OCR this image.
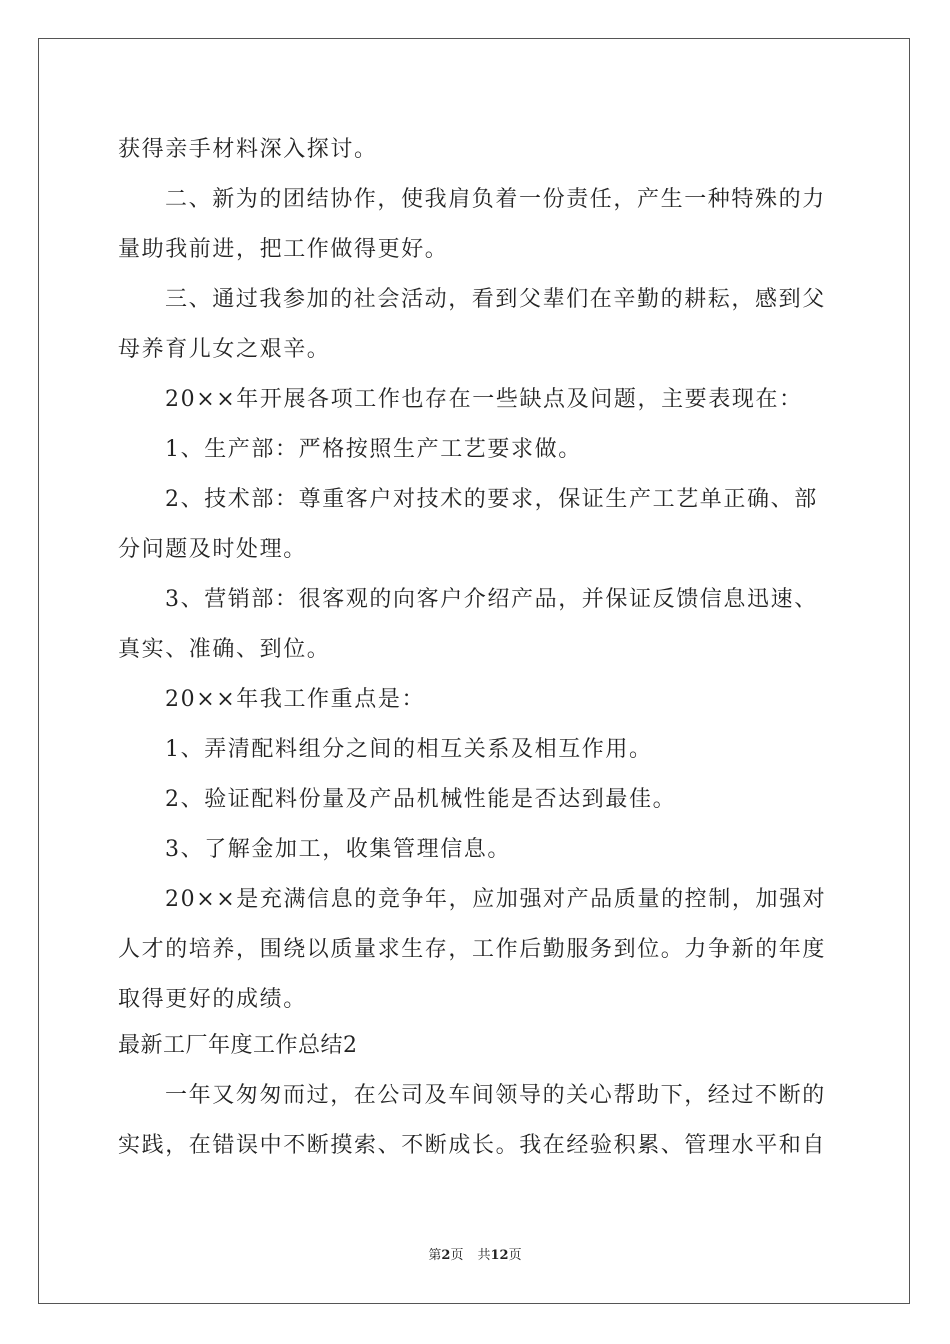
获得亲手材料深入探讨。
二、新为的团结协作，使我肩负着一份责任，产生一种特殊的力
量助我前进，把工作做得更好。
三、通过我参加的社会活动，看到父辈们在辛勤的耕耘，感到父
母养育儿女之艰辛。
20××年开展各项工作也存在一些缺点及问题，主要表现在：
1、生产部：严格按照生产工艺要求做。
2、技术部：尊重客户对技术的要求，保证生产工艺单正确、部
分问题及时处理。
3、营销部：很客观的向客户介绍产品，并保证反馈信息迅速、
真实、准确、到位。
20××年我工作重点是：
1、弄清配料组分之间的相互关系及相互作用。
2、验证配料份量及产品机械性能是否达到最佳。
3、了解金加工，收集管理信息。
20××是充满信息的竞争年，应加强对产品质量的控制，加强对
人才的培养，围绕以质量求生存，工作后勤服务到位。力争新的年度
取得更好的成绩。
最新工厂年度工作总结2
一年又匆匆而过，在公司及车间领导的关心帮助下，经过不断的
实践，在错误中不断摸索、不断成长。我在经验积累、管理水平和自
第2页 共12页
